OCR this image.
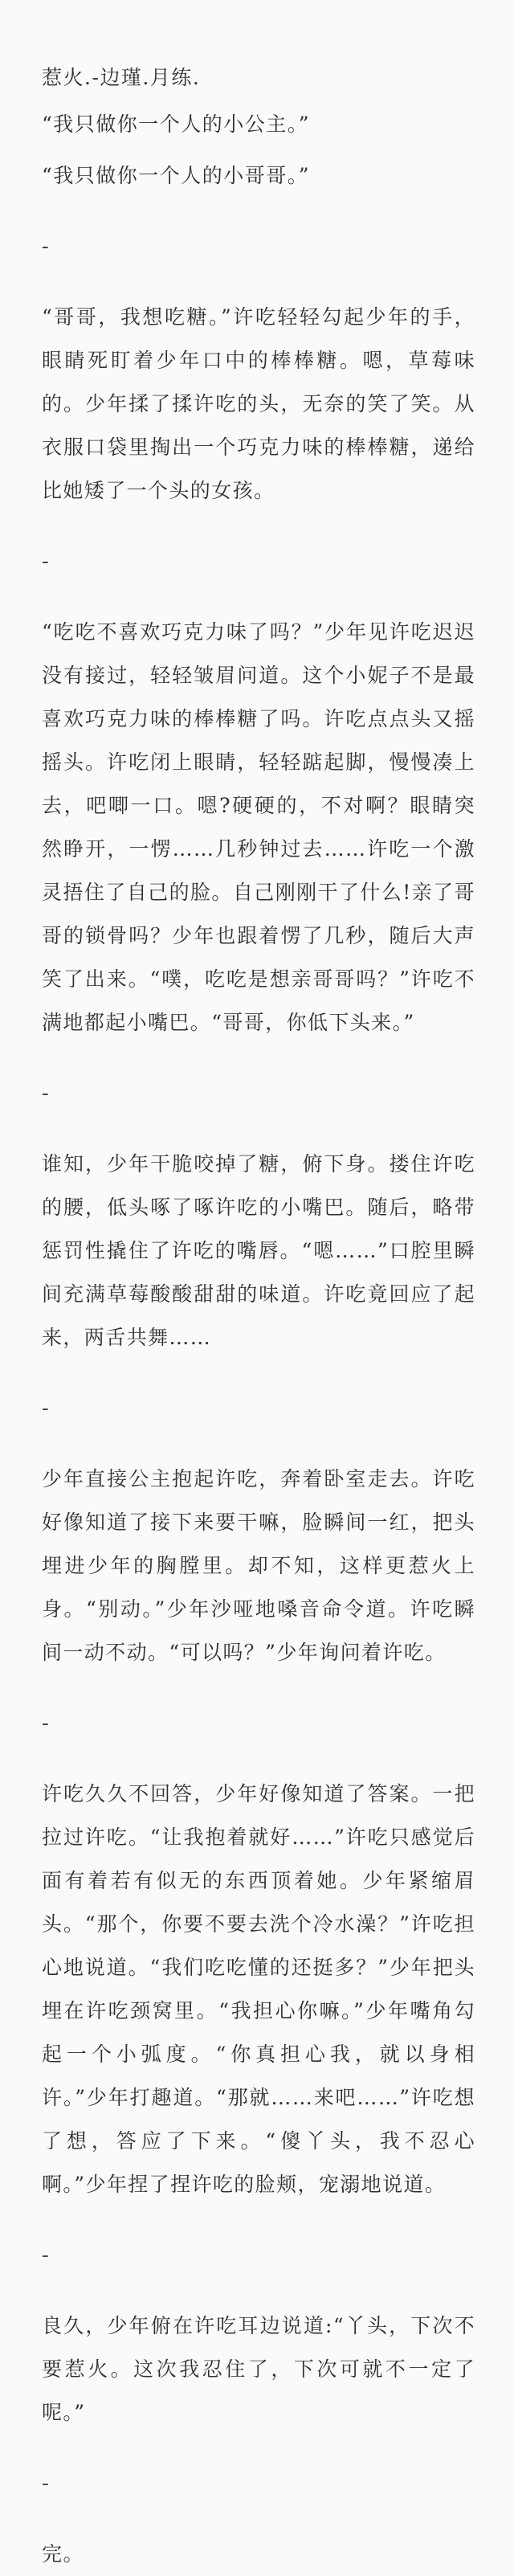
惹火.-边瑾.月练.

“我只做你一个人的小公主。”

“我只做你一个人的小哥哥。”

-

“哥哥，我想吃糖。”许吃轻轻勾起少年的手，眼睛死盯着少年口中的棒棒糖。嗯，草莓味的。少年揉了揉许吃的头，无奈的笑了笑。从衣服口袋里掏出一个巧克力味的棒棒糖，递给比她矮了一个头的女孩。

-

“吃吃不喜欢巧克力味了吗？”少年见许吃迟迟没有接过，轻轻皱眉问道。这个小妮子不是最喜欢巧克力味的棒棒糖了吗。许吃点点头又摇摇头。许吃闭上眼睛，轻轻踮起脚，慢慢凑上去，吧唧一口。嗯?硬硬的，不对啊？眼睛突然睁开，一愣……几秒钟过去……许吃一个激灵捂住了自己的脸。自己刚刚干了什么!亲了哥哥的锁骨吗？少年也跟着愣了几秒，随后大声笑了出来。“噗，吃吃是想亲哥哥吗？”许吃不满地都起小嘴巴。“哥哥，你低下头来。”

-

谁知，少年干脆咬掉了糖，俯下身。搂住许吃的腰，低头啄了啄许吃的小嘴巴。随后，略带惩罚性撬住了许吃的嘴唇。“嗯……”口腔里瞬间充满草莓酸酸甜甜的味道。许吃竟回应了起来，两舌共舞……

-

少年直接公主抱起许吃，奔着卧室走去。许吃好像知道了接下来要干嘛，脸瞬间一红，把头埋进少年的胸膛里。却不知，这样更惹火上身。“别动。”少年沙哑地嗓音命令道。许吃瞬间一动不动。“可以吗？”少年询问着许吃。

-

许吃久久不回答，少年好像知道了答案。一把拉过许吃。“让我抱着就好……”许吃只感觉后面有着若有似无的东西顶着她。少年紧缩眉头。“那个，你要不要去洗个冷水澡？”许吃担心地说道。“我们吃吃懂的还挺多？”少年把头埋在许吃颈窝里。“我担心你嘛。”少年嘴角勾起一个小弧度。“你真担心我，就以身相许。”少年打趣道。“那就……来吧……”许吃想了想，答应了下来。“傻丫头，我不忍心啊。”少年捏了捏许吃的脸颊，宠溺地说道。

-

良久，少年俯在许吃耳边说道:“丫头，下次不要惹火。这次我忍住了，下次可就不一定了呢。”

-

完。
